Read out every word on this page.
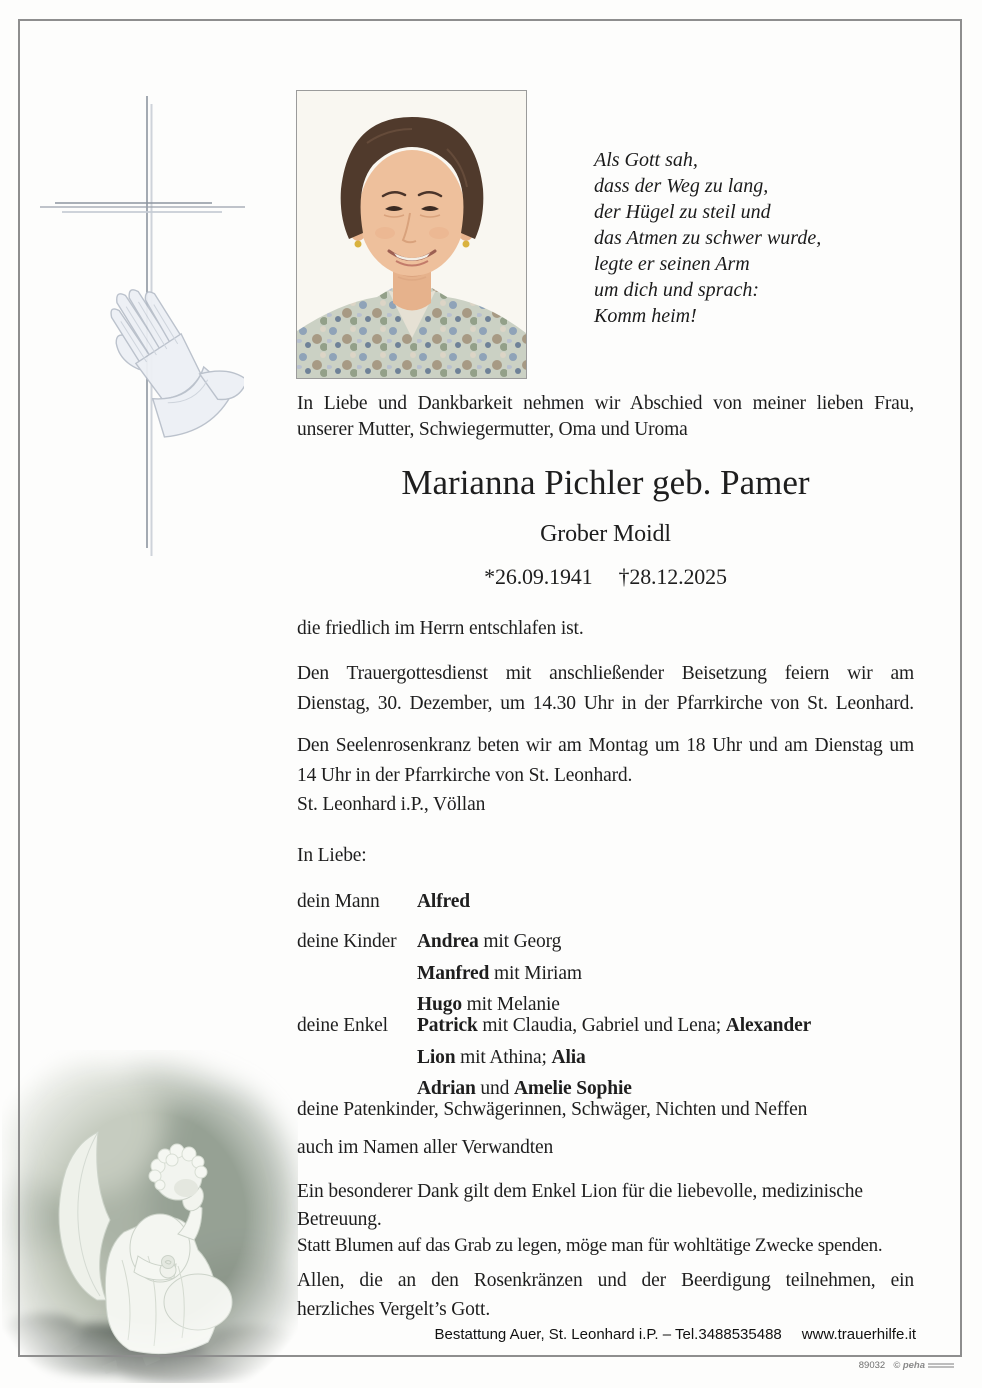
Als Gott sah,
dass der Weg zu lang,
der Hügel zu steil und
das Atmen zu schwer wurde,
legte er seinen Arm
um dich und sprach:
Komm heim!
In Liebe und Dankbarkeit nehmen wir Abschied von meiner lieben Frau,
unserer Mutter, Schwiegermutter, Oma und Uroma
Marianna Pichler geb. Pamer
Grober Moidl
*26.09.1941 †28.12.2025
die friedlich im Herrn entschlafen ist.
Den Trauergottesdienst mit anschließender Beisetzung feiern wir am
Dienstag, 30. Dezember, um 14.30 Uhr in der Pfarrkirche von St. Leonhard.
Den Seelenrosenkranz beten wir am Montag um 18 Uhr und am Dienstag um
14 Uhr in der Pfarrkirche von St. Leonhard.
St. Leonhard i.P., Völlan
In Liebe:
dein Mann	Alfred
deine Kinder	Andrea mit Georg
Manfred mit Miriam
Hugo mit Melanie
deine Enkel	Patrick mit Claudia, Gabriel und Lena; Alexander
Lion mit Athina; Alia
Adrian und Amelie Sophie
deine Patenkinder, Schwägerinnen, Schwäger, Nichten und Neffen
auch im Namen aller Verwandten
Ein besonderer Dank gilt dem Enkel Lion für die liebevolle, medizinische
Betreuung.
Statt Blumen auf das Grab zu legen, möge man für wohltätige Zwecke spenden.
Allen, die an den Rosenkränzen und der Beerdigung teilnehmen, ein
herzliches Vergelt’s Gott.
Bestattung Auer, St. Leonhard i.P. – Tel.3488535488 www.trauerhilfe.it
89032 © peha
